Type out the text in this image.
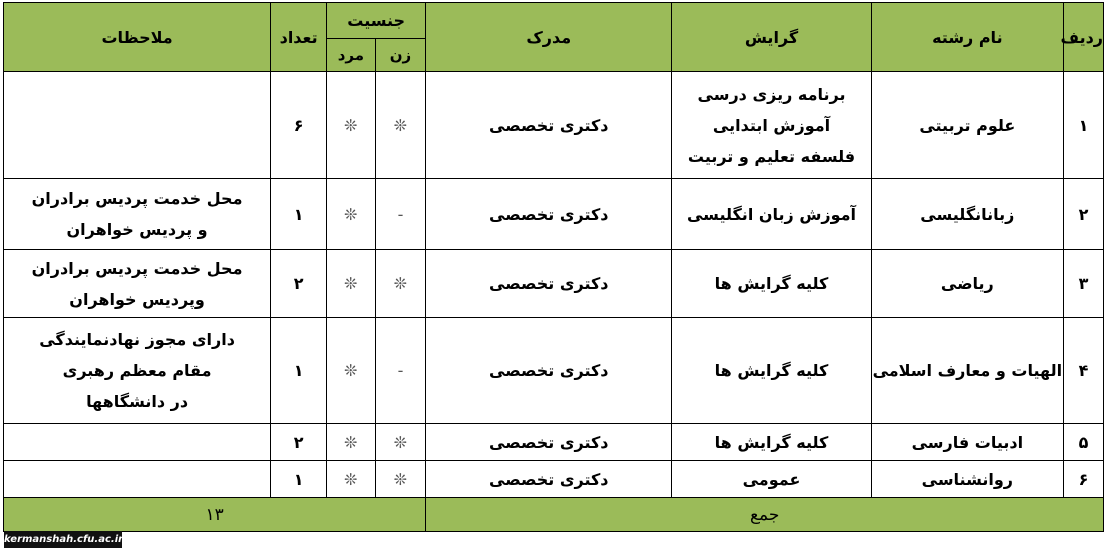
ردیف	نام رشته	گرایش	مدرک	جنسیت		تعداد	ملاحظات
				زن	مرد		
۱	علوم تربیتی	برنامه ریزی درسی
آموزش ابتدایی
فلسفه تعلیم و تربیت	دکتری تخصصی	❊	❊	۶	
۲	زبانانگلیسی	آموزش زبان انگلیسی	دکتری تخصصی	-	❊	۱	محل خدمت پردیس برادران
و پردیس خواهران

۳	ریاضی	کلیه گرایش ها	دکتری تخصصی	❊	❊	۲	محل خدمت پردیس برادران
وپردیس خواهران

۴	الهیات و معارف اسلامی	کلیه گرایش ها	دکتری تخصصی	-	❊	۱	دارای مجوز نهادنمایندگی
مقام معظم رهبری
در دانشگاهها

۵	ادبیات فارسی	کلیه گرایش ها	دکتری تخصصی	❊	❊	۲	
۶	روانشناسی	عمومی	دکتری تخصصی	❊	❊	۱	
جمع				۱۳			
kermanshah.cfu.ac.ir
